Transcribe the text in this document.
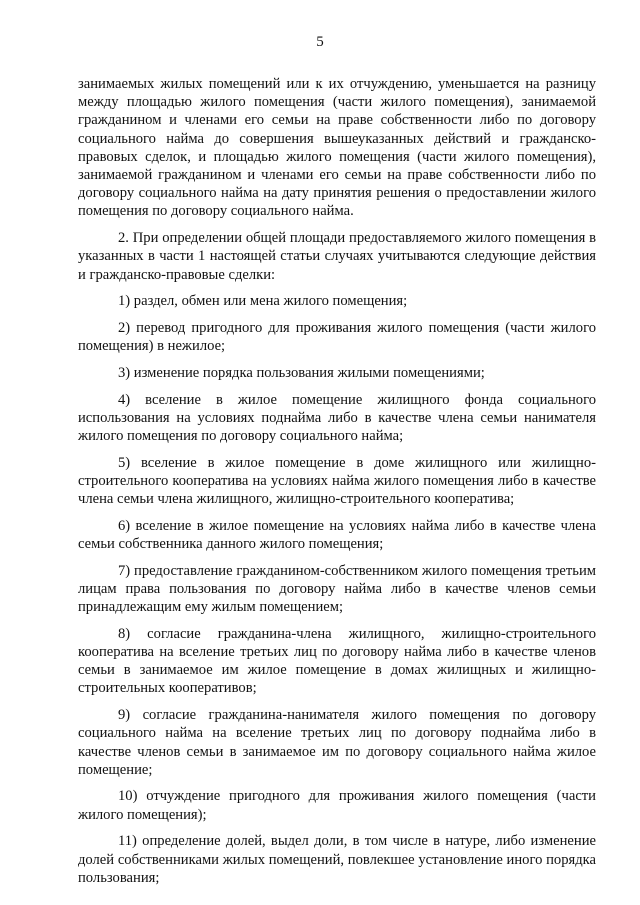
5

занимаемых жилых помещений или к их отчуждению, уменьшается на разницу между площадью жилого помещения (части жилого помещения), занимаемой гражданином и членами его семьи на праве собственности либо по договору социального найма до совершения вышеуказанных действий и гражданско-правовых сделок, и площадью жилого помещения (части жилого помещения), занимаемой гражданином и членами его семьи на праве собственности либо по договору социального найма на дату принятия решения о предоставлении жилого помещения по договору социального найма.

2. При определении общей площади предоставляемого жилого помещения в указанных в части 1 настоящей статьи случаях учитываются следующие действия и гражданско-правовые сделки:

1) раздел, обмен или мена жилого помещения;

2) перевод пригодного для проживания жилого помещения (части жилого помещения) в нежилое;

3) изменение порядка пользования жилыми помещениями;

4) вселение в жилое помещение жилищного фонда социального использования на условиях поднайма либо в качестве члена семьи нанимателя жилого помещения по договору социального найма;

5) вселение в жилое помещение в доме жилищного или жилищно-строительного кооператива на условиях найма жилого помещения либо в качестве члена семьи члена жилищного, жилищно-строительного кооператива;

6) вселение в жилое помещение на условиях найма либо в качестве члена семьи собственника данного жилого помещения;

7) предоставление гражданином-собственником жилого помещения третьим лицам права пользования по договору найма либо в качестве членов семьи принадлежащим ему жилым помещением;

8) согласие гражданина-члена жилищного, жилищно-строительного кооператива на вселение третьих лиц по договору найма либо в качестве членов семьи в занимаемое им жилое помещение в домах жилищных и жилищно-строительных кооперативов;

9) согласие гражданина-нанимателя жилого помещения по договору социального найма на вселение третьих лиц по договору поднайма либо в качестве членов семьи в занимаемое им по договору социального найма жилое помещение;

10) отчуждение пригодного для проживания жилого помещения (части жилого помещения);

11) определение долей, выдел доли, в том числе в натуре, либо изменение долей собственниками жилых помещений, повлекшее установление иного порядка пользования;
